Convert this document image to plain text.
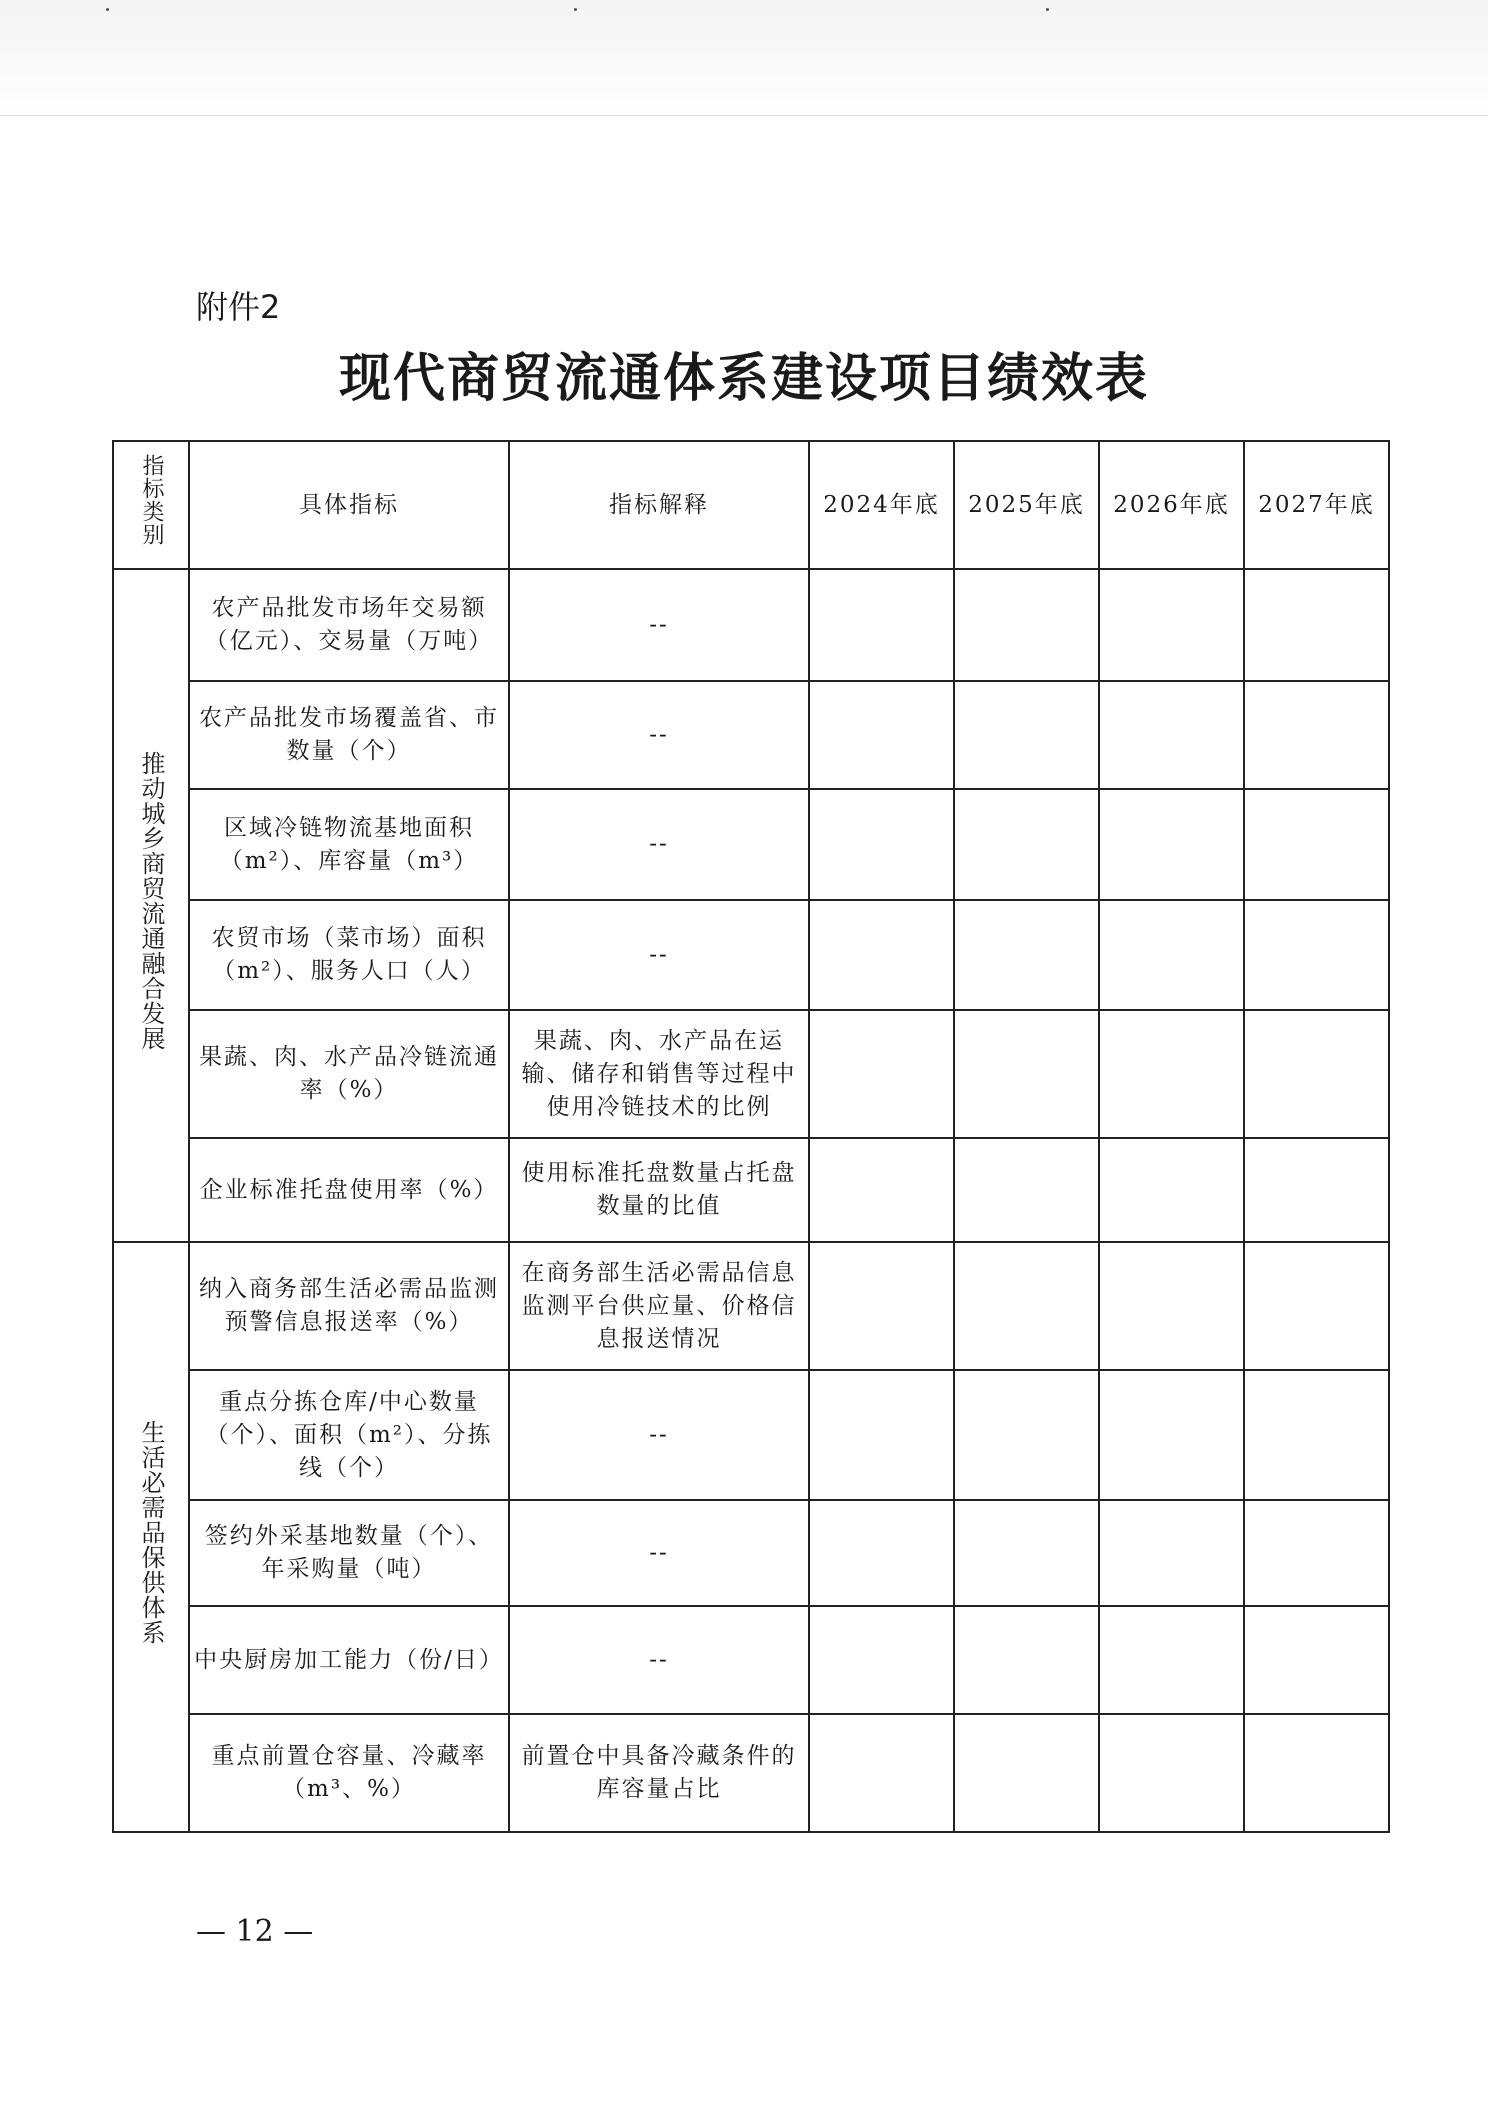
附件2
现代商贸流通体系建设项目绩效表
指标类别	具体指标	指标解释	2024年底	2025年底	2026年底	2027年底
推动城乡商贸流通融合发展	农产品批发市场年交易额（亿元）、交易量（万吨）	--				
	农产品批发市场覆盖省、市数量（个）	--				
	区域冷链物流基地面积（m²）、库容量（m³）	--				
	农贸市场（菜市场）面积（m²）、服务人口（人）	--				
	果蔬、肉、水产品冷链流通率（%）	果蔬、肉、水产品在运输、储存和销售等过程中使用冷链技术的比例				
	企业标准托盘使用率（%）	使用标准托盘数量占托盘数量的比值				
生活必需品保供体系	纳入商务部生活必需品监测预警信息报送率（%）	在商务部生活必需品信息监测平台供应量、价格信息报送情况				
	重点分拣仓库/中心数量（个）、面积（m²）、分拣线（个）	--				
	签约外采基地数量（个）、年采购量（吨）	--				
	中央厨房加工能力（份/日）	--				
	重点前置仓容量、冷藏率（m³、%）	前置仓中具备冷藏条件的库容量占比				
— 12 —
